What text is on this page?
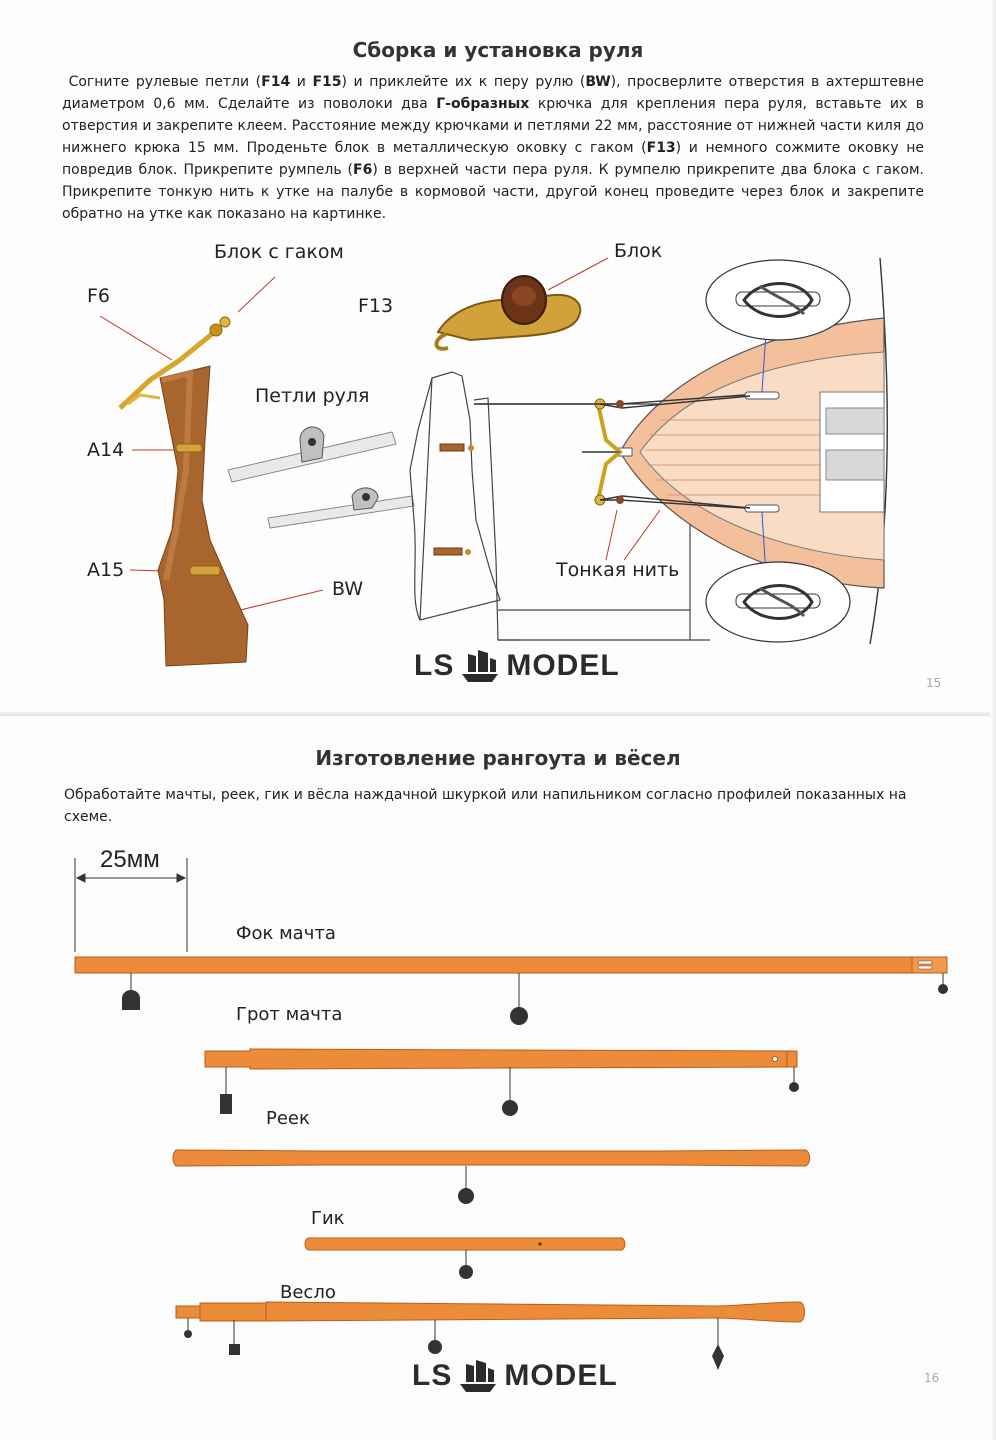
Сборка и установка руля

Согните рулевые петли (F14 и F15) и приклейте их к перу рулю (BW), просверлите отверстия в ахтерштевне диаметром 0,6 мм. Сделайте из поволоки два Г-образных крючка для крепления пера руля, вставьте их в отверстия и закрепите клеем. Расстояние между крючками и петлями 22 мм, расстояние от нижней части киля до нижнего крюка 15 мм. Проденьте блок в металлическую оковку с гаком (F13) и немного сожмите оковку не повредив блок. Прикрепите румпель (F6) в верхней части пера руля. К румпелю прикрепите два блока с гаком. Прикрепите тонкую нить к утке на палубе в кормовой части, другой конец проведите через блок и закрепите обратно на утке как показано на картинке.

Блок с гаком	Блок
F6	F13
Петли руля
A14
A15
BW
Тонкая нить
LS MODEL
15
Изготовление рангоута и вёсел

Обработайте мачты, реек, гик и вёсла наждачной шкуркой или напильником согласно профилей показанных на схеме.

25мм
Фок мачта
Грот мачта
Реек
Гик
Весло
LS MODEL	16
